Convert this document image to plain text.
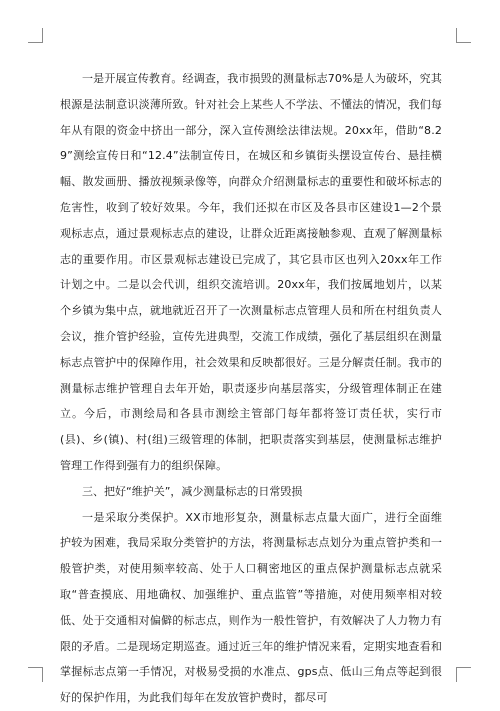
一是开展宣传教育。经调查，我市损毁的测量标志70%是人为破坏，究其根源是法制意识淡薄所致。针对社会上某些人不学法、不懂法的情况，我们每年从有限的资金中挤出一部分，深入宣传测绘法律法规。20xx年，借助“8.29”测绘宣传日和“12.4”法制宣传日，在城区和乡镇街头摆设宣传台、悬挂横幅、散发画册、播放视频录像等，向群众介绍测量标志的重要性和破坏标志的危害性，收到了较好效果。今年，我们还拟在市区及各县市区建设1—2个景观标志点，通过景观标志点的建设，让群众近距离接触参观、直观了解测量标志的重要作用。市区景观标志建设已完成了，其它县市区也列入20xx年工作计划之中。二是以会代训，组织交流培训。20xx年，我们按属地划片，以某个乡镇为集中点，就地就近召开了一次测量标志点管理人员和所在村组负责人会议，推介管护经验，宣传先进典型，交流工作成绩，强化了基层组织在测量标志点管护中的保障作用，社会效果和反映都很好。三是分解责任制。我市的测量标志维护管理自去年开始，职责逐步向基层落实，分级管理体制正在建立。今后，市测绘局和各县市测绘主管部门每年都将签订责任状，实行市(县)、乡(镇)、村(组)三级管理的体制，把职责落实到基层，使测量标志维护管理工作得到强有力的组织保障。

三、把好“维护关”，减少测量标志的日常毁损

一是采取分类保护。XX市地形复杂，测量标志点量大面广，进行全面维护较为困难，我局采取分类管护的方法，将测量标志点划分为重点管护类和一般管护类，对使用频率较高、处于人口稠密地区的重点保护测量标志点就采取“普查摸底、用地确权、加强维护、重点监管”等措施，对使用频率相对较低、处于交通相对偏僻的标志点，则作为一般性管护，有效解决了人力物力有限的矛盾。二是现场定期巡查。通过近三年的维护情况来看，定期实地查看和掌握标志点第一手情况，对极易受损的水准点、gps点、低山三角点等起到很好的保护作用，为此我们每年在发放管护费时，都尽可
